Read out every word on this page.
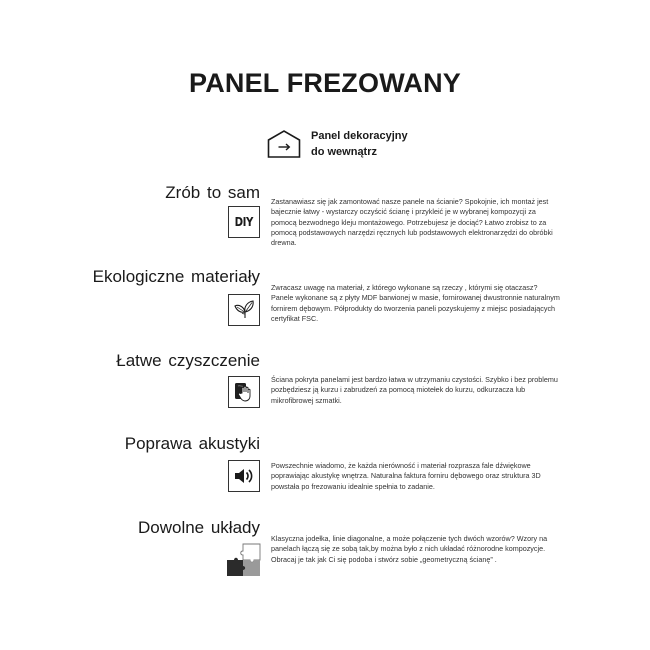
PANEL FREZOWANY
Panel dekoracyjny
do wewnątrz
Zrób to sam
DIY
Zastanawiasz się jak zamontować nasze panele na ścianie? Spokojnie, ich montaż jest bajecznie łatwy - wystarczy oczyścić ścianę i przykleić je w wybranej kompozycji za pomocą bezwodnego kleju montażowego. Potrzebujesz je dociąć? Łatwo zrobisz to za pomocą podstawowych narzędzi ręcznych lub podstawowych elektronarzędzi do obróbki drewna.
Ekologiczne materiały
Zwracasz uwagę na materiał, z którego wykonane są rzeczy , którymi się otaczasz? Panele wykonane są z płyty MDF barwionej w masie, fornirowanej dwustronnie naturalnym fornirem dębowym. Półprodukty do tworzenia paneli pozyskujemy z miejsc posiadających certyfikat FSC.
Łatwe czyszczenie
Ściana pokryta panelami jest bardzo łatwa w utrzymaniu czystości. Szybko i bez problemu pozbędziesz ją kurzu i zabrudzeń za pomocą miotełek do kurzu, odkurzacza lub mikrofibrowej szmatki.
Poprawa akustyki
Powszechnie wiadomo, że każda nierówność i materiał rozprasza fale dźwiękowe poprawiając akustykę wnętrza. Naturalna faktura forniru dębowego oraz struktura 3D powstała po frezowaniu idealnie spełnia to zadanie.
Dowolne układy
Klasyczna jodełka, linie diagonalne, a może połączenie tych dwóch wzorów? Wzory na panelach łączą się ze sobą tak,by można było z nich układać różnorodne kompozycje. Obracaj je tak jak Ci się podoba i stwórz sobie „geometryczną ścianę” .
